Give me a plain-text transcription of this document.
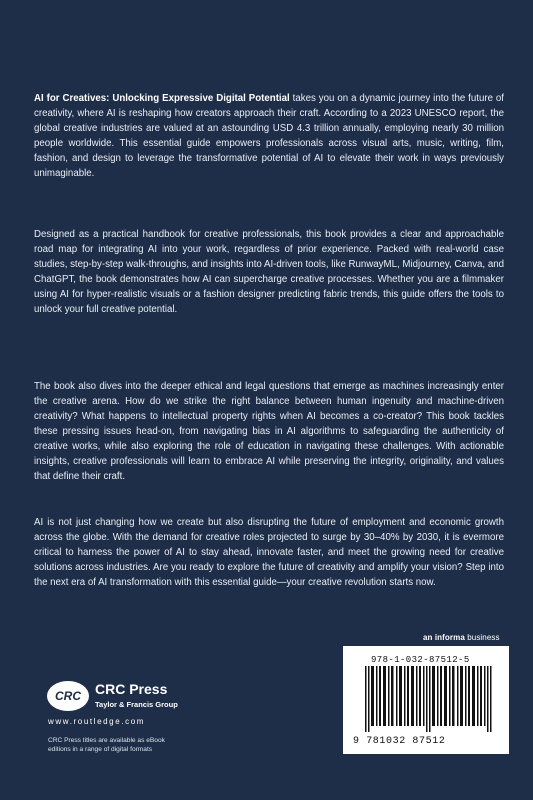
AI for Creatives: Unlocking Expressive Digital Potential takes you on a dynamic journey into the future of creativity, where AI is reshaping how creators approach their craft. According to a 2023 UNESCO report, the global creative industries are valued at an astounding USD 4.3 trillion annually, employing nearly 30 million people worldwide. This essential guide empowers professionals across visual arts, music, writing, film, fashion, and design to leverage the transformative potential of AI to elevate their work in ways previously unimaginable.

Designed as a practical handbook for creative professionals, this book provides a clear and approachable road map for integrating AI into your work, regardless of prior experience. Packed with real-world case studies, step-by-step walk-throughs, and insights into AI-driven tools, like RunwayML, Midjourney, Canva, and ChatGPT, the book demonstrates how AI can supercharge creative processes. Whether you are a filmmaker using AI for hyper-realistic visuals or a fashion designer predicting fabric trends, this guide offers the tools to unlock your full creative potential.

The book also dives into the deeper ethical and legal questions that emerge as machines increasingly enter the creative arena. How do we strike the right balance between human ingenuity and machine-driven creativity? What happens to intellectual property rights when AI becomes a co-creator? This book tackles these pressing issues head-on, from navigating bias in AI algorithms to safeguarding the authenticity of creative works, while also exploring the role of education in navigating these challenges. With actionable insights, creative professionals will learn to embrace AI while preserving the integrity, originality, and values that define their craft.

AI is not just changing how we create but also disrupting the future of employment and economic growth across the globe. With the demand for creative roles projected to surge by 30–40% by 2030, it is evermore critical to harness the power of AI to stay ahead, innovate faster, and meet the growing need for creative solutions across industries. Are you ready to explore the future of creativity and amplify your vision? Step into the next era of AI transformation with this essential guide—your creative revolution starts now.

an informa business
978-1-032-87512-5
9 781032 87512
CRC CRC Press
Taylor & Francis Group
www.routledge.com
CRC Press titles are available as eBook editions in a range of digital formats
